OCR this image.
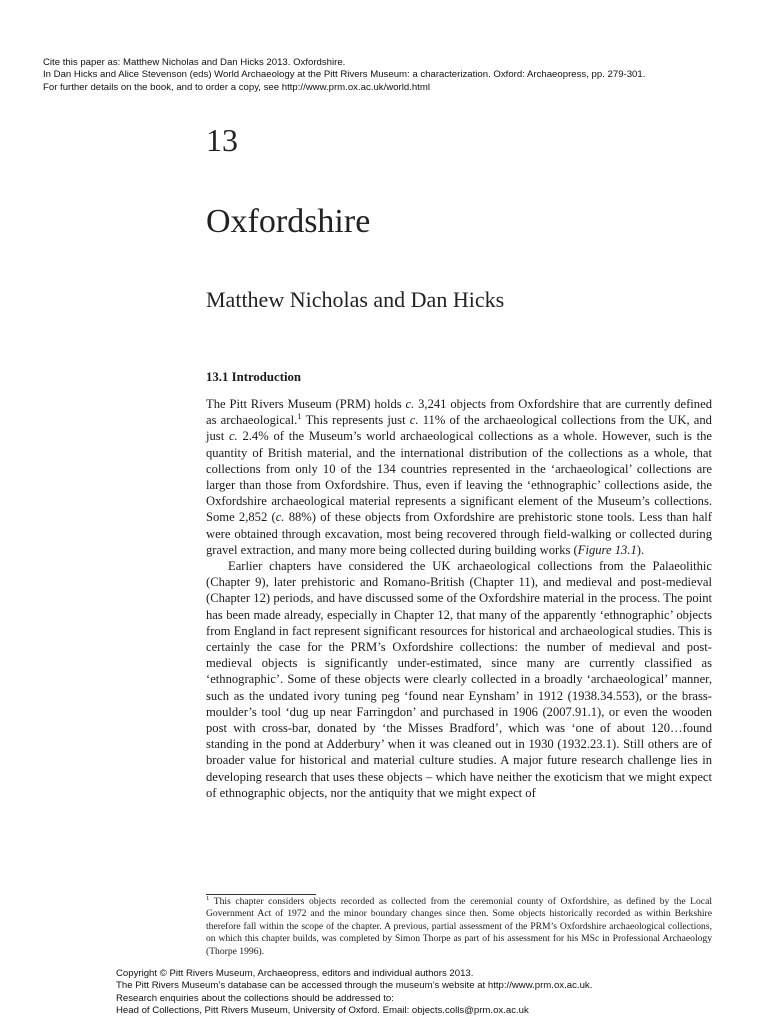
Cite this paper as: Matthew Nicholas and Dan Hicks 2013. Oxfordshire.
In Dan Hicks and Alice Stevenson (eds) World Archaeology at the Pitt Rivers Museum: a characterization. Oxford: Archaeopress, pp. 279-301.
For further details on the book, and to order a copy, see http://www.prm.ox.ac.uk/world.html
13
Oxfordshire
Matthew Nicholas and Dan Hicks
13.1 Introduction

The Pitt Rivers Museum (PRM) holds c. 3,241 objects from Oxfordshire that are currently defined as archaeological.$^1$ This represents just c. 11% of the archaeological collections from the UK, and just c. 2.4% of the Museum’s world archaeological collections as a whole. However, such is the quantity of British material, and the international distribution of the collections as a whole, that collections from only 10 of the 134 countries represented in the ‘archaeological’ collections are larger than those from Oxfordshire. Thus, even if leaving the ‘ethnographic’ collections aside, the Oxfordshire archaeological material represents a significant element of the Museum’s collections. Some 2,852 (c. 88%) of these objects from Oxfordshire are prehistoric stone tools. Less than half were obtained through excavation, most being recovered through field-walking or collected during gravel extraction, and many more being collected during building works (Figure 13.1).

Earlier chapters have considered the UK archaeological collections from the Palaeolithic (Chapter 9), later prehistoric and Romano-British (Chapter 11), and medieval and post-medieval (Chapter 12) periods, and have discussed some of the Oxfordshire material in the process. The point has been made already, especially in Chapter 12, that many of the apparently ‘ethnographic’ objects from England in fact represent significant resources for historical and archaeological studies. This is certainly the case for the PRM’s Oxfordshire collections: the number of medieval and post-medieval objects is significantly under-estimated, since many are currently classified as ‘ethnographic’. Some of these objects were clearly collected in a broadly ‘archaeological’ manner, such as the undated ivory tuning peg ‘found near Eynsham’ in 1912 (1938.34.553), or the brass-moulder’s tool ‘dug up near Farringdon’ and purchased in 1906 (2007.91.1), or even the wooden post with cross-bar, donated by ‘the Misses Bradford’, which was ‘one of about 120…found standing in the pond at Adderbury’ when it was cleaned out in 1930 (1932.23.1). Still others are of broader value for historical and material culture studies. A major future research challenge lies in developing research that uses these objects – which have neither the exoticism that we might expect of ethnographic objects, nor the antiquity that we might expect of

$^1$ This chapter considers objects recorded as collected from the ceremonial county of Oxfordshire, as defined by the Local Government Act of 1972 and the minor boundary changes since then. Some objects historically recorded as within Berkshire therefore fall within the scope of the chapter. A previous, partial assessment of the PRM’s Oxfordshire archaeological collections, on which this chapter builds, was completed by Simon Thorpe as part of his assessment for his MSc in Professional Archaeology (Thorpe 1996).
Copyright © Pitt Rivers Museum, Archaeopress, editors and individual authors 2013.
The Pitt Rivers Museum’s database can be accessed through the museum’s website at http://www.prm.ox.ac.uk.
Research enquiries about the collections should be addressed to:
Head of Collections, Pitt Rivers Museum, University of Oxford. Email: objects.colls@prm.ox.ac.uk
